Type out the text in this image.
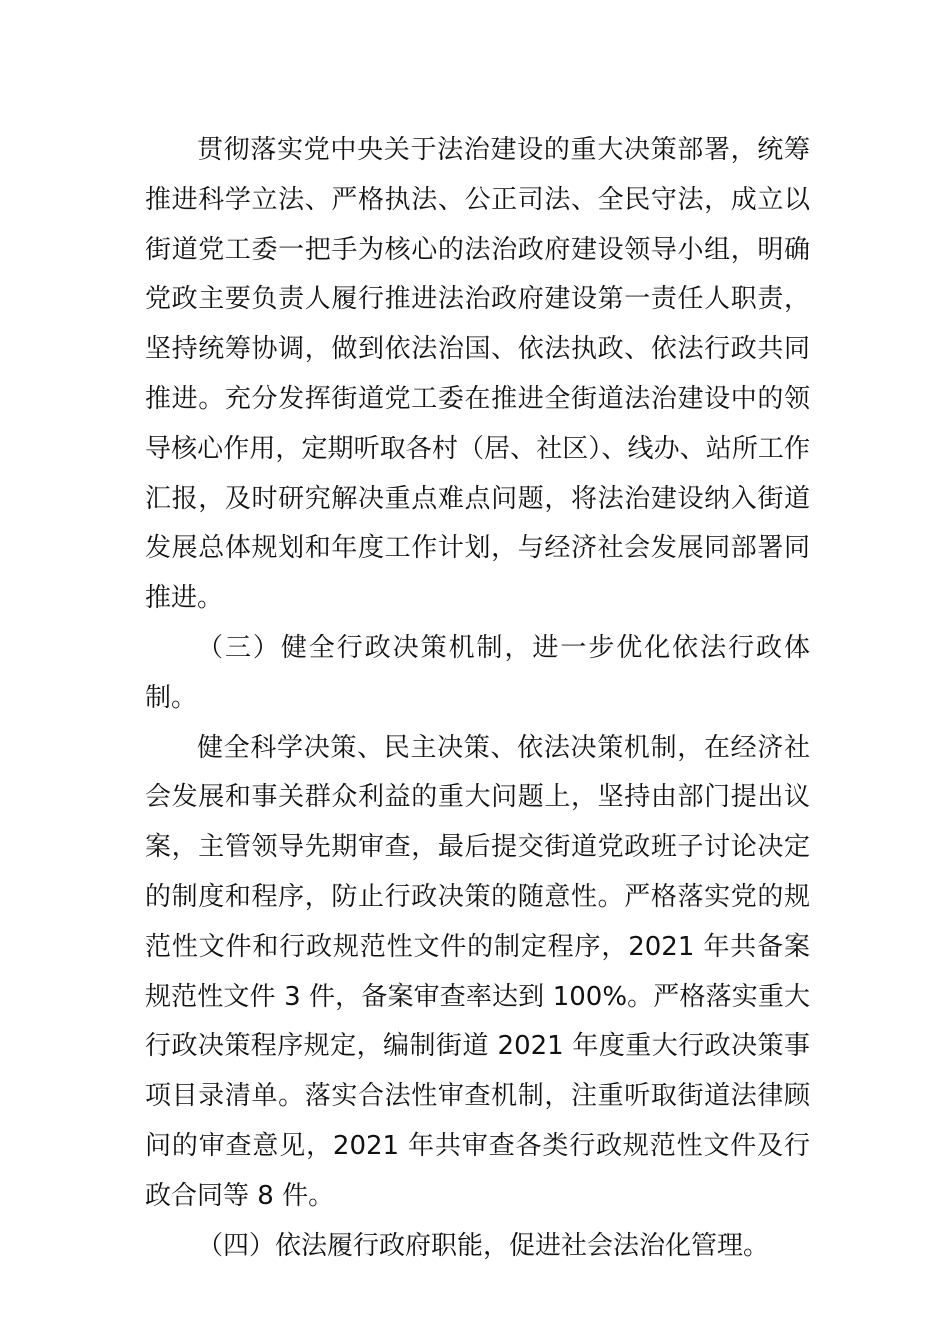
贯彻落实党中央关于法治建设的重大决策部署，统筹推进科学立法、严格执法、公正司法、全民守法，成立以街道党工委一把手为核心的法治政府建设领导小组，明确党政主要负责人履行推进法治政府建设第一责任人职责，坚持统筹协调，做到依法治国、依法执政、依法行政共同推进。充分发挥街道党工委在推进全街道法治建设中的领导核心作用，定期听取各村（居、社区）、线办、站所工作汇报，及时研究解决重点难点问题，将法治建设纳入街道发展总体规划和年度工作计划，与经济社会发展同部署同推进。

（三）健全行政决策机制，进一步优化依法行政体制。

健全科学决策、民主决策、依法决策机制，在经济社会发展和事关群众利益的重大问题上，坚持由部门提出议案，主管领导先期审查，最后提交街道党政班子讨论决定的制度和程序，防止行政决策的随意性。严格落实党的规范性文件和行政规范性文件的制定程序，2021 年共备案规范性文件 3 件，备案审查率达到 100%。严格落实重大行政决策程序规定，编制街道 2021 年度重大行政决策事项目录清单。落实合法性审查机制，注重听取街道法律顾问的审查意见，2021 年共审查各类行政规范性文件及行政合同等 8 件。

（四）依法履行政府职能，促进社会法治化管理。
